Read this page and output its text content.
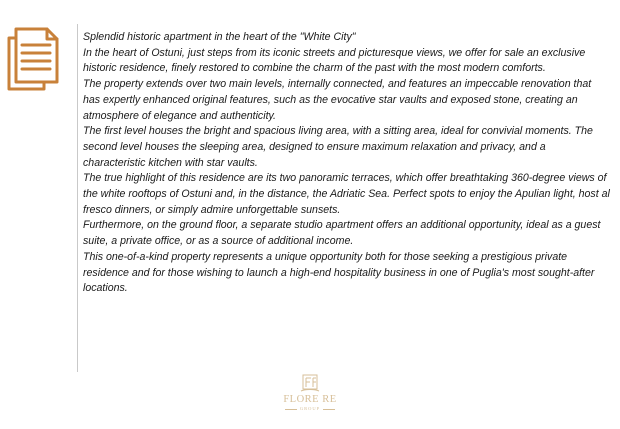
Splendid historic apartment in the heart of the "White City"

In the heart of Ostuni, just steps from its iconic streets and picturesque views, we offer for sale an exclusive historic residence, finely restored to combine the charm of the past with the most modern comforts.

The property extends over two main levels, internally connected, and features an impeccable renovation that has expertly enhanced original features, such as the evocative star vaults and exposed stone, creating an atmosphere of elegance and authenticity.

The first level houses the bright and spacious living area, with a sitting area, ideal for convivial moments. The second level houses the sleeping area, designed to ensure maximum relaxation and privacy, and a characteristic kitchen with star vaults.

The true highlight of this residence are its two panoramic terraces, which offer breathtaking 360-degree views of the white rooftops of Ostuni and, in the distance, the Adriatic Sea. Perfect spots to enjoy the Apulian light, host al fresco dinners, or simply admire unforgettable sunsets.

Furthermore, on the ground floor, a separate studio apartment offers an additional opportunity, ideal as a guest suite, a private office, or as a source of additional income.

This one-of-a-kind property represents a unique opportunity both for those seeking a prestigious private residence and for those wishing to launch a high-end hospitality business in one of Puglia's most sought-after locations.

FLORE RE
GROUP
